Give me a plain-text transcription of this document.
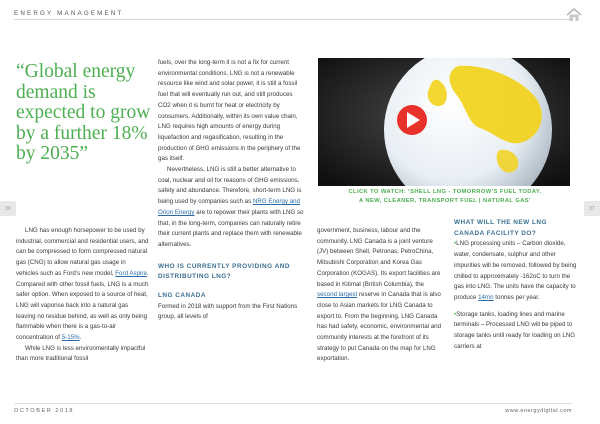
ENERGY MANAGEMENT
36	37
“Global energy demand is expected to grow by a further 18% by 2035”

LNG has enough horsepower to be used by industrial, commercial and residential users, and can be compressed to form compressed natural gas (CNG) to allow natural gas usage in vehicles such as Ford’s new model, Ford Aspire. Compared with other fossil fuels, LNG is a much safer option. When exposed to a source of heat, LNG will vaporise back into a natural gas leaving no residue behind, as well as only being flammable when there is a gas-to-air concentration of 5-15%.

While LNG is less environmentally impactful than more traditional fossil

fuels, over the long-term it is not a fix for current environmental conditions. LNG is not a renewable resource like wind and solar power, it is still a fossil fuel that will eventually run out, and still produces CO2 when it is burnt for heat or electricity by consumers. Additionally, within its own value chain, LNG requires high amounts of energy during liquefaction and regasification, resulting in the production of GHG emissions in the periphery of the gas itself.

Nevertheless, LNG is still a better alternative to coal, nuclear and oil for reasons of GHG emissions, safety and abundance. Therefore, short-term LNG is being used by companies such as NRG Energy and Orion Energy are to repower their plants with LNG so that, in the long-term, companies can naturally retire their current plants and replace them with renewable alternatives.

WHO IS CURRENTLY PROVIDING AND DISTRIBUTING LNG?

LNG CANADA

Formed in 2018 with support from the First Nations group, all levels of

CLICK TO WATCH: ‘SHELL LNG - TOMORROW’S FUEL TODAY.
A NEW, CLEANER, TRANSPORT FUEL | NATURAL GAS’

government, business, labour and the community, LNG Canada is a joint venture (JV) between Shell, Petronas, PetroChina, Mitsubishi Corporation and Korea Gas Corporation (KOGAS). Its export facilities are based in Kitimat (British Columbia), the second largest reserve in Canada that is also close to Asian markets for LNG Canada to export to. From the beginning, LNG Canada has had safety, economic, environmental and community interests at the forefront of its strategy to put Canada on the map for LNG exportation.

WHAT WILL THE NEW LNG CANADA FACILITY DO?

•LNG processing units – Carbon dioxide, water, condensate, sulphur and other impurities will be removed, followed by being chilled to approximately -162oC to turn the gas into LNG. The units have the capacity to produce 14mn tonnes per year.

•Storage tanks, loading lines and marine terminals – Processed LNG will be piped to storage tanks until ready for loading on LNG carriers at

OCTOBER 2018	www.energydigital.com
